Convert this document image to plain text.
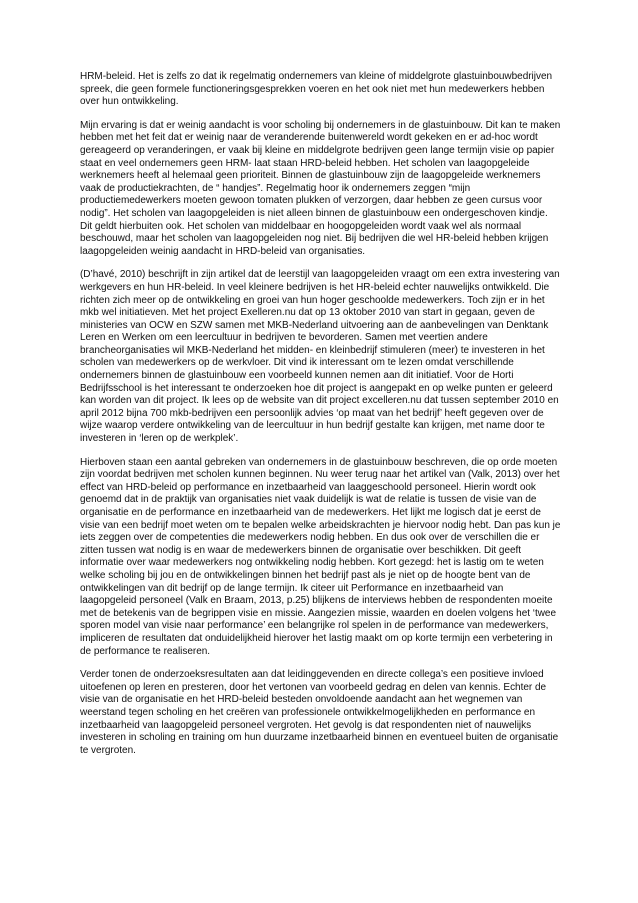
HRM-beleid. Het is zelfs zo dat ik regelmatig ondernemers van kleine of middelgrote glastuinbouwbedrijven spreek, die geen formele functioneringsgesprekken voeren en het ook niet met hun medewerkers hebben over hun ontwikkeling.

Mijn ervaring is dat er weinig aandacht is voor scholing bij ondernemers in de glastuinbouw. Dit kan te maken hebben met het feit dat er weinig naar de veranderende buitenwereld wordt gekeken en er ad-hoc wordt gereageerd op veranderingen, er vaak bij kleine en middelgrote bedrijven geen lange termijn visie op papier staat en veel ondernemers geen HRM- laat staan HRD-beleid hebben. Het scholen van laagopgeleide werknemers heeft al helemaal geen prioriteit. Binnen de glastuinbouw zijn de laagopgeleide werknemers vaak de productiekrachten, de “ handjes”. Regelmatig hoor ik ondernemers zeggen “mijn productiemedewerkers moeten gewoon tomaten plukken of verzorgen, daar hebben ze geen cursus voor nodig”. Het scholen van laagopgeleiden is niet alleen binnen de glastuinbouw een ondergeschoven kindje. Dit geldt hierbuiten ook. Het scholen van middelbaar en hoogopgeleiden wordt vaak wel als normaal beschouwd, maar het scholen van laagopgeleiden nog niet. Bij bedrijven die wel HR-beleid hebben krijgen laagopgeleiden weinig aandacht in HRD-beleid van organisaties.

(D’havé, 2010) beschrijft in zijn artikel dat de leerstijl van laagopgeleiden vraagt om een extra investering van werkgevers en hun HR-beleid. In veel kleinere bedrijven is het HR-beleid echter nauwelijks ontwikkeld. Die richten zich meer op de ontwikkeling en groei van hun hoger geschoolde medewerkers. Toch zijn er in het mkb wel initiatieven. Met het project Exelleren.nu dat op 13 oktober 2010 van start in gegaan, geven de ministeries van OCW en SZW samen met MKB-Nederland uitvoering aan de aanbevelingen van Denktank Leren en Werken om een leercultuur in bedrijven te bevorderen. Samen met veertien andere brancheorganisaties wil MKB-Nederland het midden- en kleinbedrijf stimuleren (meer) te investeren in het scholen van medewerkers op de werkvloer. Dit vind ik interessant om te lezen omdat verschillende ondernemers binnen de glastuinbouw een voorbeeld kunnen nemen aan dit initiatief. Voor de Horti Bedrijfsschool is het interessant te onderzoeken hoe dit project is aangepakt en op welke punten er geleerd kan worden van dit project. Ik lees op de website van dit project excelleren.nu dat tussen september 2010 en april 2012 bijna 700 mkb-bedrijven een persoonlijk advies ‘op maat van het bedrijf’ heeft gegeven over de wijze waarop verdere ontwikkeling van de leercultuur in hun bedrijf gestalte kan krijgen, met name door te investeren in ‘leren op de werkplek’.

Hierboven staan een aantal gebreken van ondernemers in de glastuinbouw beschreven, die op orde moeten zijn voordat bedrijven met scholen kunnen beginnen. Nu weer terug naar het artikel van (Valk, 2013) over het effect van HRD-beleid op performance en inzetbaarheid van laaggeschoold personeel. Hierin wordt ook genoemd dat in de praktijk van organisaties niet vaak duidelijk is wat de relatie is tussen de visie van de organisatie en de performance en inzetbaarheid van de medewerkers. Het lijkt me logisch dat je eerst de visie van een bedrijf moet weten om te bepalen welke arbeidskrachten je hiervoor nodig hebt. Dan pas kun je iets zeggen over de competenties die medewerkers nodig hebben. En dus ook over de verschillen die er zitten tussen wat nodig is en waar de medewerkers binnen de organisatie over beschikken. Dit geeft informatie over waar medewerkers nog ontwikkeling nodig hebben. Kort gezegd: het is lastig om te weten welke scholing bij jou en de ontwikkelingen binnen het bedrijf past als je niet op de hoogte bent van de ontwikkelingen van dit bedrijf op de lange termijn. Ik citeer uit Performance en inzetbaarheid van laagopgeleid personeel (Valk en Braam, 2013, p.25) blijkens de interviews hebben de respondenten moeite met de betekenis van de begrippen visie en missie. Aangezien missie, waarden en doelen volgens het ‘twee sporen model van visie naar performance’ een belangrijke rol spelen in de performance van medewerkers, impliceren de resultaten dat onduidelijkheid hierover het lastig maakt om op korte termijn een verbetering in de performance te realiseren.

Verder tonen de onderzoeksresultaten aan dat leidinggevenden en directe collega’s een positieve invloed uitoefenen op leren en presteren, door het vertonen van voorbeeld gedrag en delen van kennis. Echter de visie van de organisatie en het HRD-beleid besteden onvoldoende aandacht aan het wegnemen van weerstand tegen scholing en het creëren van professionele ontwikkelmogelijkheden en performance en inzetbaarheid van laagopgeleid personeel vergroten. Het gevolg is dat respondenten niet of nauwelijks investeren in scholing en training om hun duurzame inzetbaarheid binnen en eventueel buiten de organisatie te vergroten.
